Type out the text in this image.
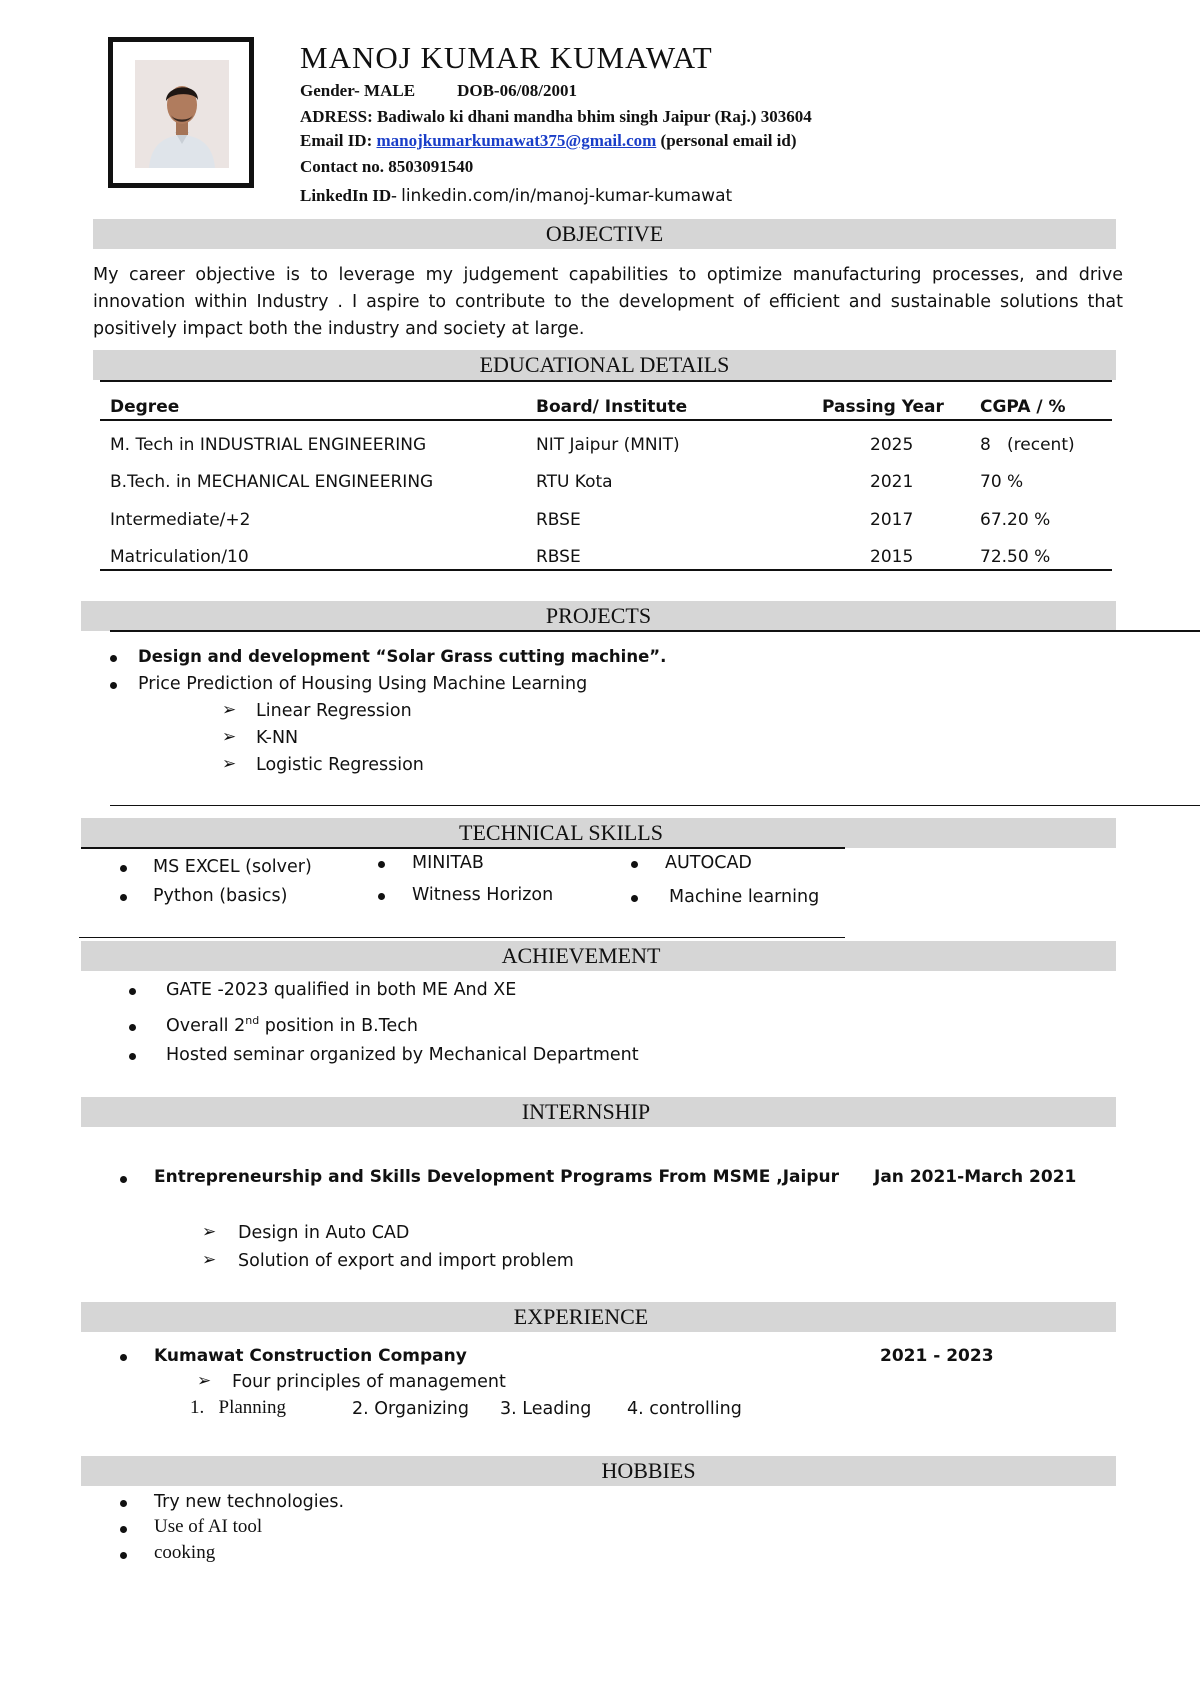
MANOJ KUMAR KUMAWAT
Gender- MALE DOB-06/08/2001
ADRESS: Badiwalo ki dhani mandha bhim singh Jaipur (Raj.) 303604
Email ID: manojkumarkumawat375@gmail.com (personal email id)
Contact no. 8503091540
LinkedIn ID- linkedin.com/in/manoj-kumar-kumawat
OBJECTIVE
My career objective is to leverage my judgement capabilities to optimize manufacturing processes, and drive innovation within Industry . I aspire to contribute to the development of efficient and sustainable solutions that positively impact both the industry and society at large.
EDUCATIONAL DETAILS
Degree	Board/ Institute	Passing Year CGPA / %
M. Tech in INDUSTRIAL ENGINEERING	NIT Jaipur (MNIT)	2025	8   (recent)
B.Tech. in MECHANICAL ENGINEERING	RTU Kota	2021	70 %
Intermediate/+2	RBSE	2017	67.20 %
Matriculation/10	RBSE	2015	72.50 %
PROJECTS
Design and development “Solar Grass cutting machine”.
Price Prediction of Housing Using Machine Learning
➢ Linear Regression
➢ K-NN
➢ Logistic Regression
TECHNICAL SKILLS
MS EXCEL (solver)
Python (basics)
MINITAB
Witness Horizon
AUTOCAD
Machine learning
ACHIEVEMENT
GATE -2023 qualified in both ME And XE
Overall 2nd position in B.Tech
Hosted seminar organized by Mechanical Department
INTERNSHIP
Entrepreneurship and Skills Development Programs From MSME ,Jaipur Jan 2021-March 2021
➢ Design in Auto CAD
➢ Solution of export and import problem
EXPERIENCE
Kumawat Construction Company	2021 - 2023
➢ Four principles of management
1.   Planning	2. Organizing 3. Leading 4. controlling
HOBBIES
Try new technologies.
Use of AI tool
cooking
